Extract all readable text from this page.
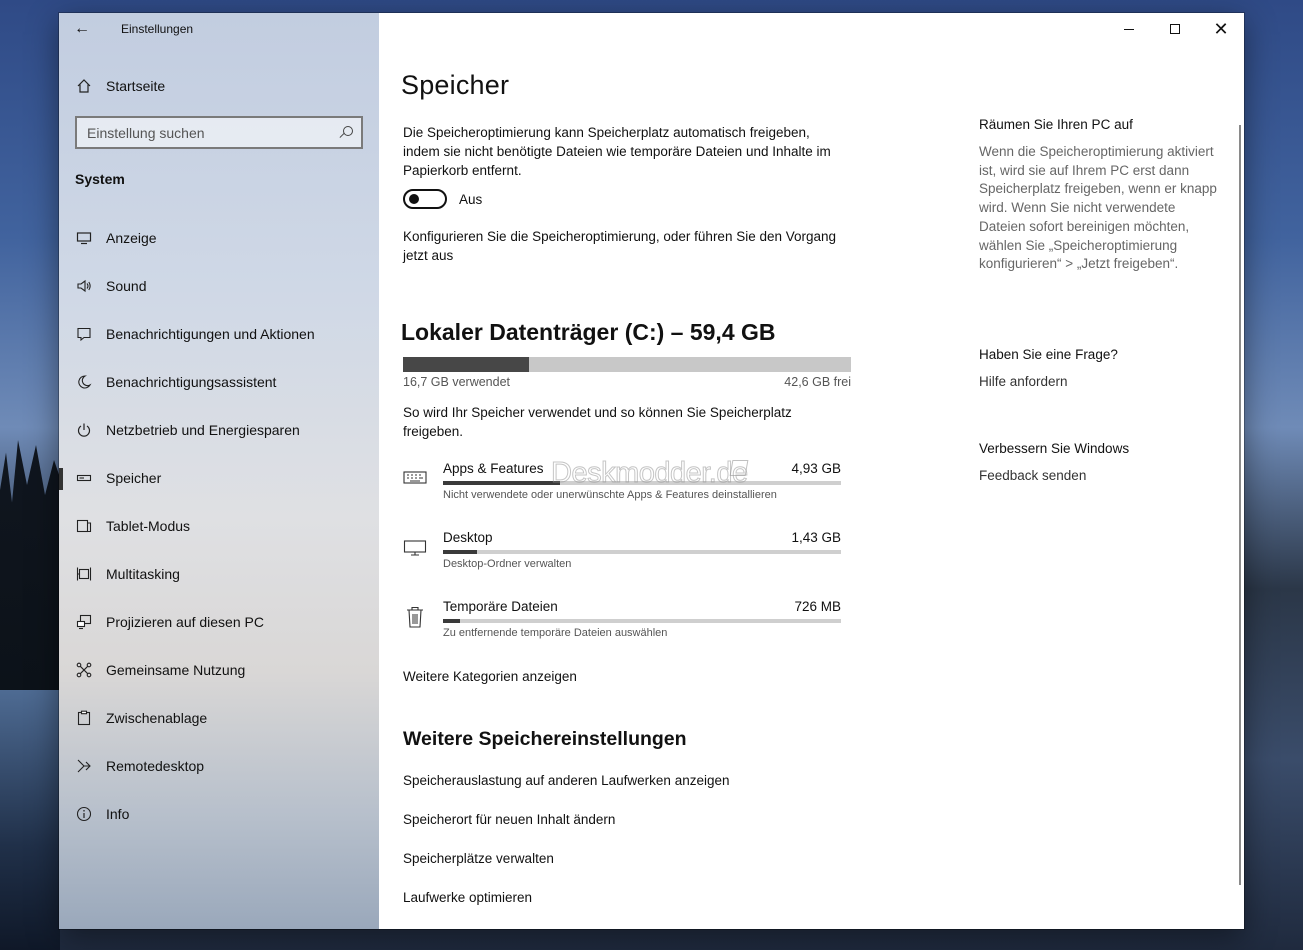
←	Einstellungen
Startseite
Einstellung suchen
System
Anzeige
Sound
Benachrichtigungen und Aktionen
Benachrichtigungsassistent
Netzbetrieb und Energiesparen
Speicher
Tablet-Modus
Multitasking
Projizieren auf diesen PC
Gemeinsame Nutzung
Zwischenablage
Remotedesktop
Info
✕
Speicher

Die Speicheroptimierung kann Speicherplatz automatisch freigeben, indem sie nicht benötigte Dateien wie temporäre Dateien und Inhalte im Papierkorb entfernt.

Aus
Konfigurieren Sie die Speicheroptimierung, oder führen Sie den Vorgang jetzt aus
Lokaler Datenträger (C:) – 59,4 GB
16,7 GB verwendet	42,6 GB frei

So wird Ihr Speicher verwendet und so können Sie Speicherplatz freigeben.

Apps & Features	4,93 GB
Nicht verwendete oder unerwünschte Apps & Features deinstallieren
Desktop	1,43 GB
Desktop-Ordner verwalten
Temporäre Dateien	726 MB
Zu entfernende temporäre Dateien auswählen
Deskmodder.de
Weitere Kategorien anzeigen
Weitere Speichereinstellungen
Speicherauslastung auf anderen Laufwerken anzeigen
Speicherort für neuen Inhalt ändern
Speicherplätze verwalten
Laufwerke optimieren
Räumen Sie Ihren PC auf

Wenn die Speicheroptimierung aktiviert ist, wird sie auf Ihrem PC erst dann Speicherplatz freigeben, wenn er knapp wird. Wenn Sie nicht verwendete Dateien sofort bereinigen möchten, wählen Sie „Speicheroptimierung konfigurieren“ > „Jetzt freigeben“.

Haben Sie eine Frage?
Hilfe anfordern
Verbessern Sie Windows
Feedback senden
